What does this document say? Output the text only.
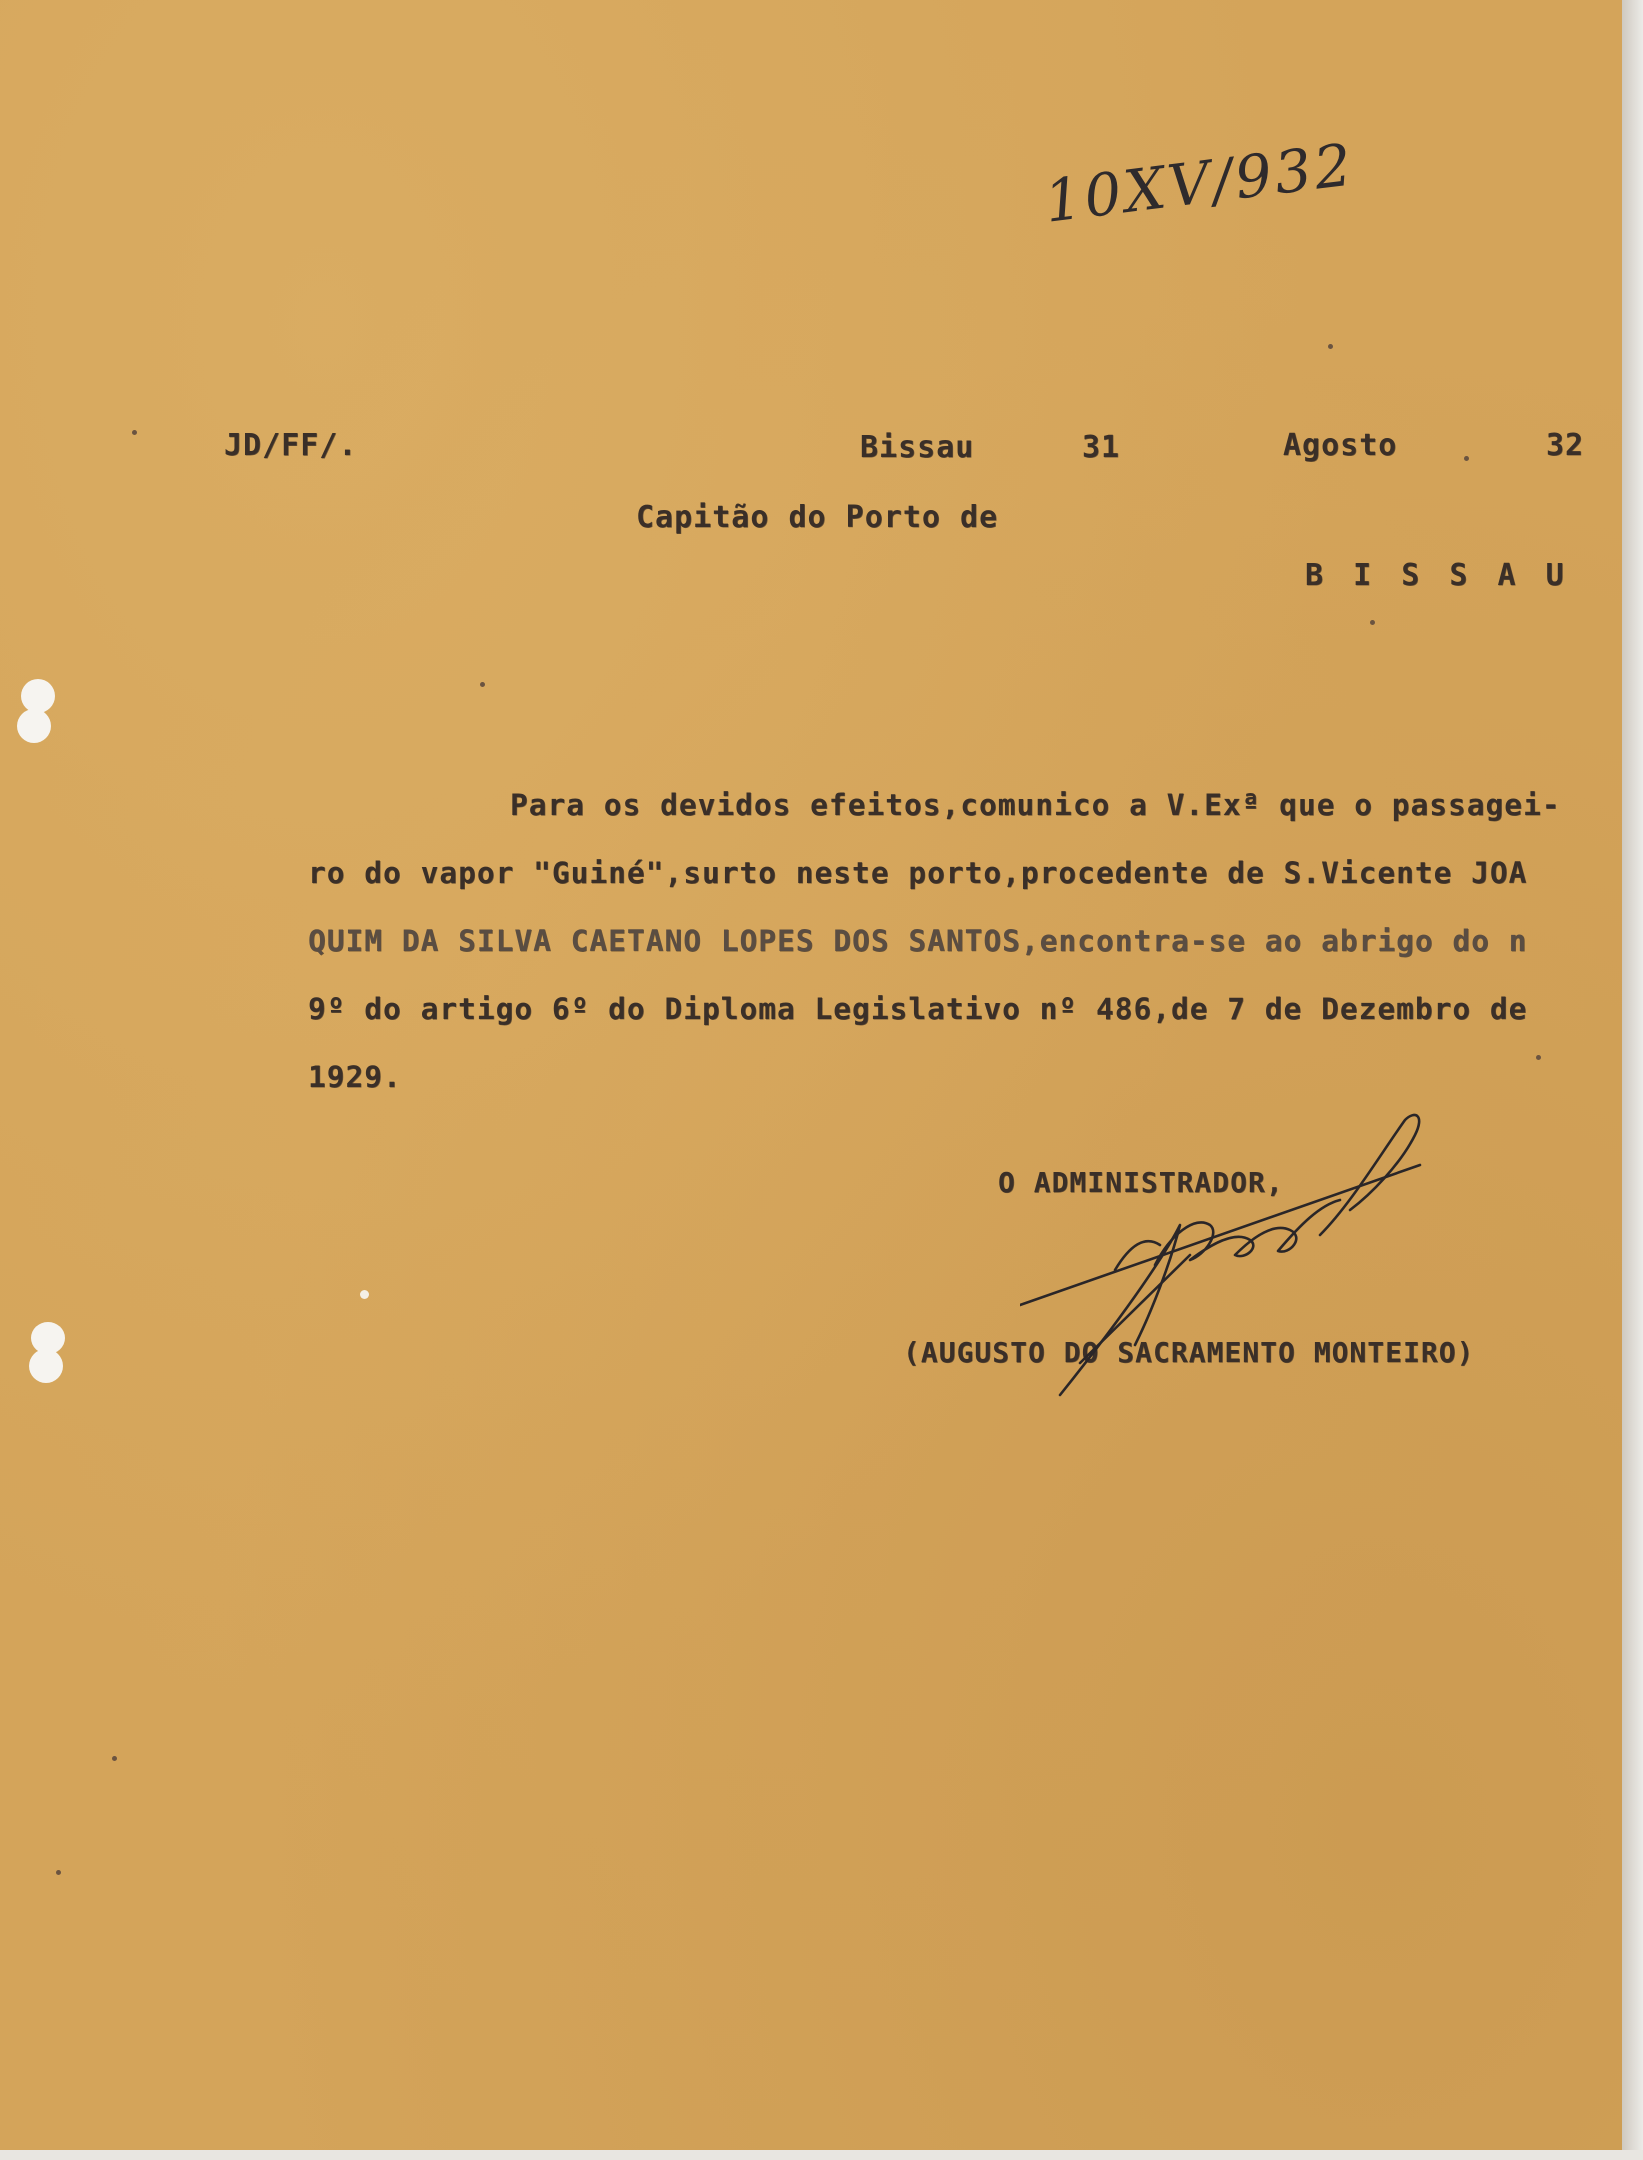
10XV/932
JD/FF/.	Bissau	31	Agosto	32
Capitão do Porto de
B I S S A U
Para os devidos efeitos,comunico a V.Exª que o passagei-
ro do vapor "Guiné",surto neste porto,procedente de S.Vicente JOA
QUIM DA SILVA CAETANO LOPES DOS SANTOS,encontra-se ao abrigo do n
9º do artigo 6º do Diploma Legislativo nº 486,de 7 de Dezembro de
1929.
O ADMINISTRADOR,
(AUGUSTO DO SACRAMENTO MONTEIRO)
